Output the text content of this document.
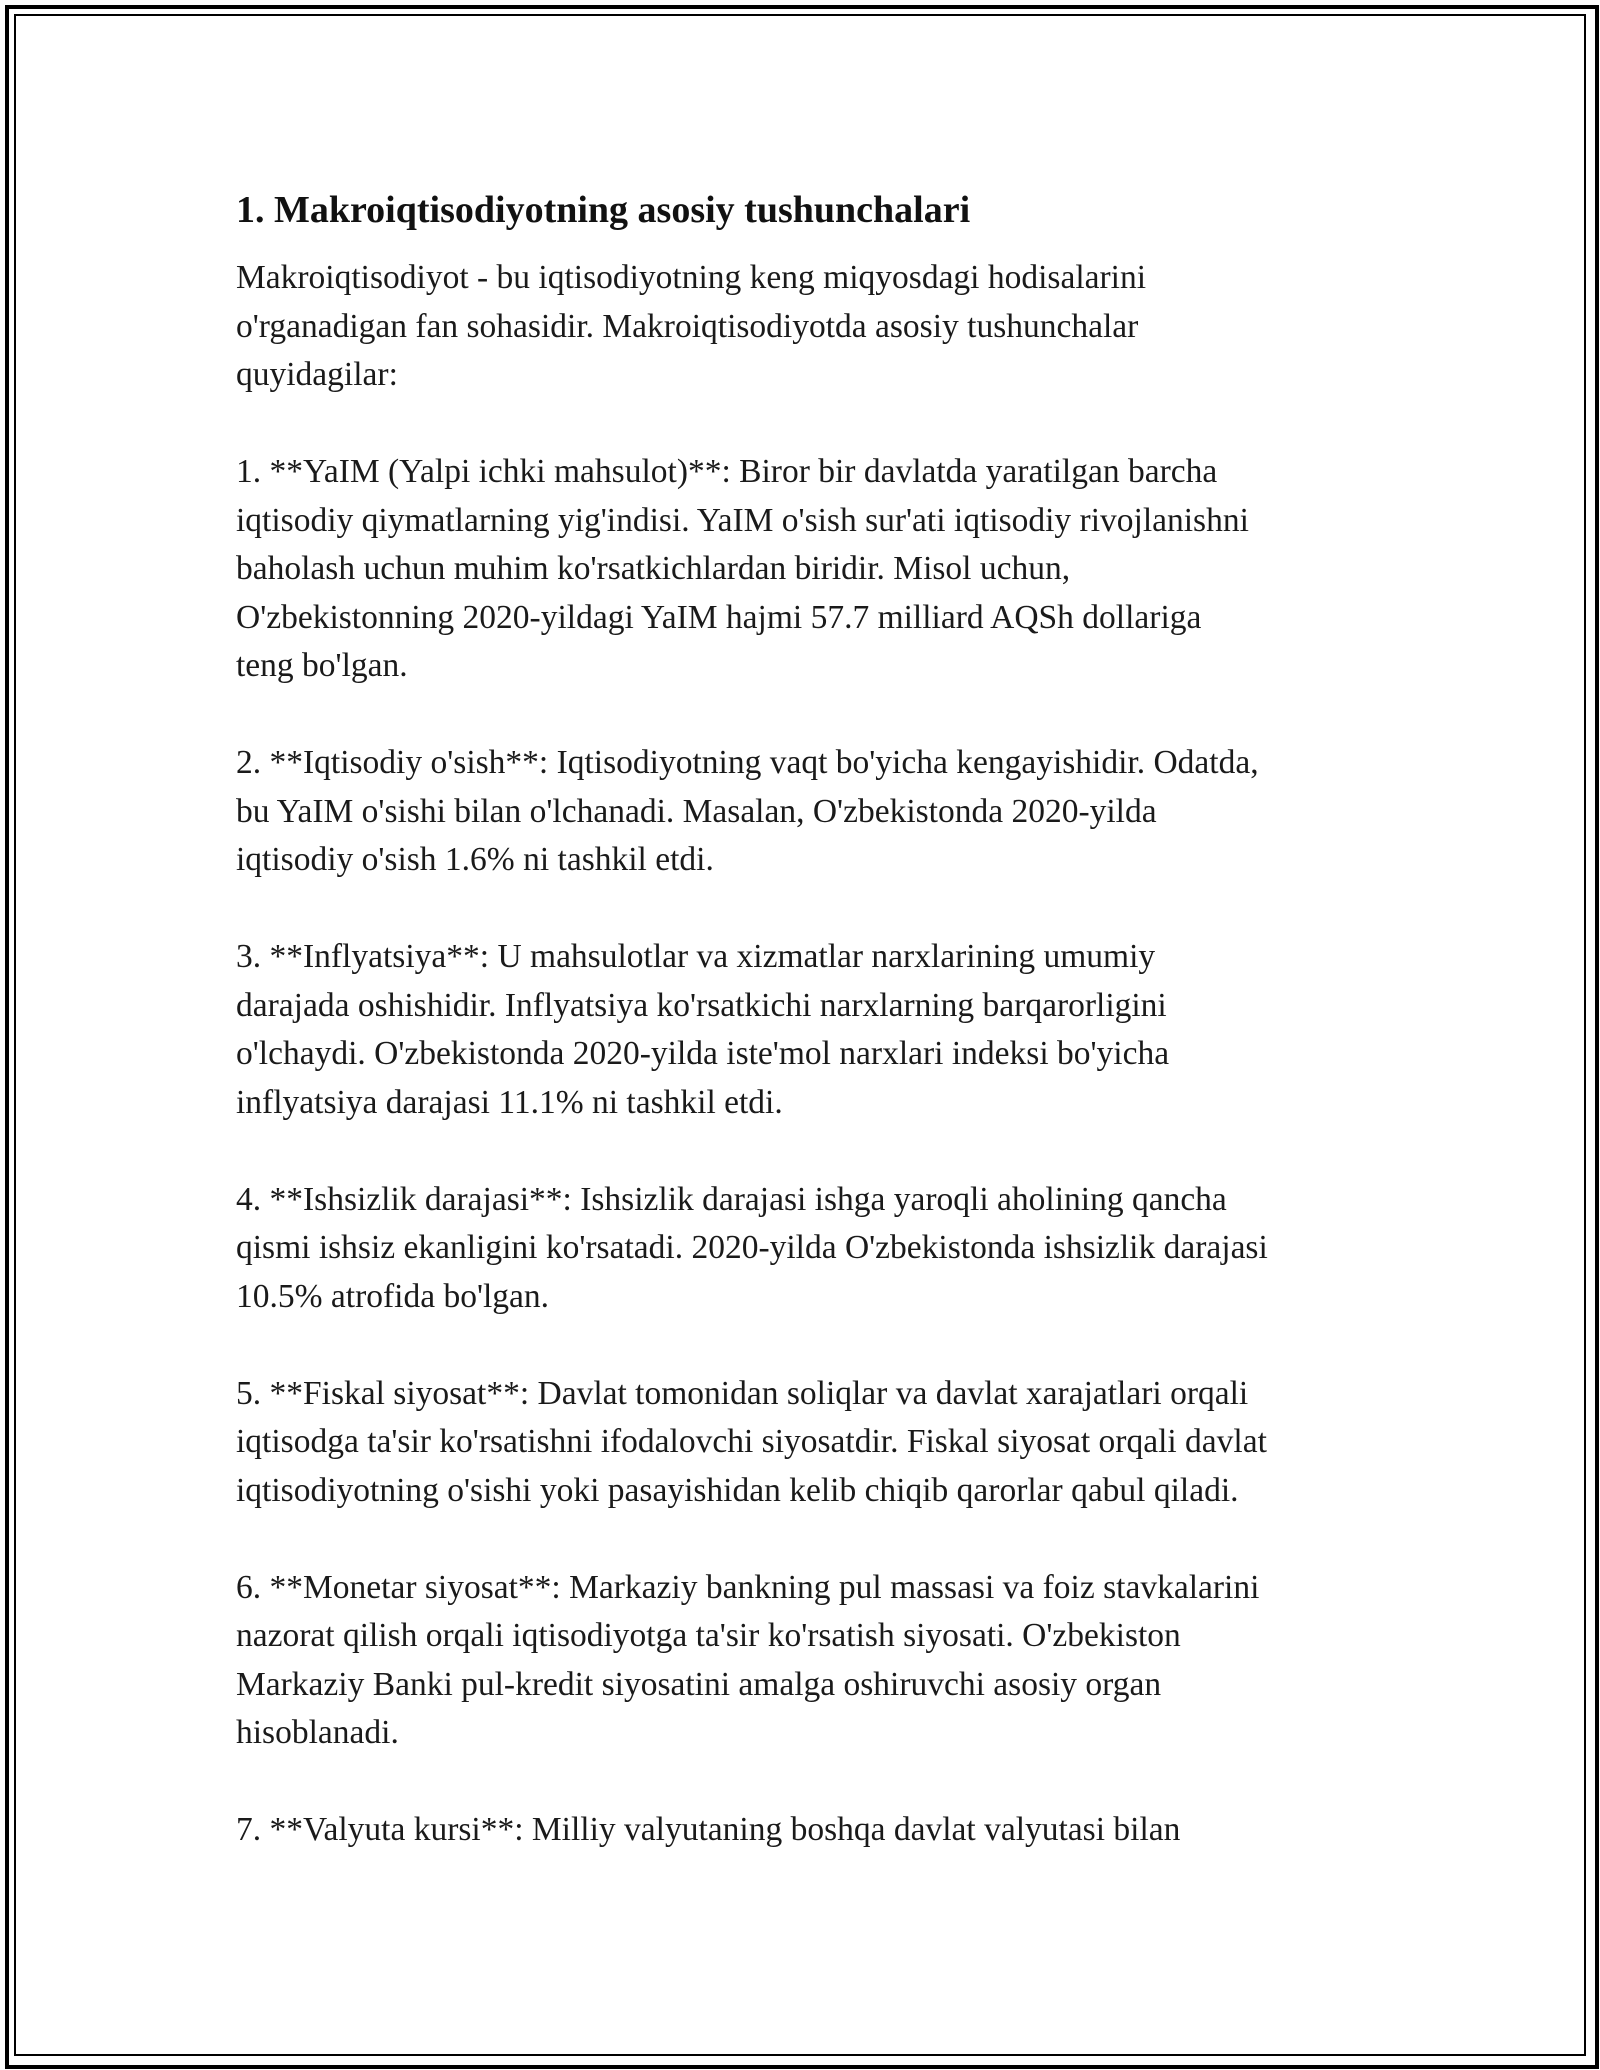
1. Makroiqtisodiyotning asosiy tushunchalari

Makroiqtisodiyot - bu iqtisodiyotning keng miqyosdagi hodisalarini
o'rganadigan fan sohasidir. Makroiqtisodiyotda asosiy tushunchalar
quyidagilar:

1. **YaIM (Yalpi ichki mahsulot)**: Biror bir davlatda yaratilgan barcha
iqtisodiy qiymatlarning yig'indisi. YaIM o'sish sur'ati iqtisodiy rivojlanishni
baholash uchun muhim ko'rsatkichlardan biridir. Misol uchun,
O'zbekistonning 2020-yildagi YaIM hajmi 57.7 milliard AQSh dollariga
teng bo'lgan.

2. **Iqtisodiy o'sish**: Iqtisodiyotning vaqt bo'yicha kengayishidir. Odatda,
bu YaIM o'sishi bilan o'lchanadi. Masalan, O'zbekistonda 2020-yilda
iqtisodiy o'sish 1.6% ni tashkil etdi.

3. **Inflyatsiya**: U mahsulotlar va xizmatlar narxlarining umumiy
darajada oshishidir. Inflyatsiya ko'rsatkichi narxlarning barqarorligini
o'lchaydi. O'zbekistonda 2020-yilda iste'mol narxlari indeksi bo'yicha
inflyatsiya darajasi 11.1% ni tashkil etdi.

4. **Ishsizlik darajasi**: Ishsizlik darajasi ishga yaroqli aholining qancha
qismi ishsiz ekanligini ko'rsatadi. 2020-yilda O'zbekistonda ishsizlik darajasi
10.5% atrofida bo'lgan.

5. **Fiskal siyosat**: Davlat tomonidan soliqlar va davlat xarajatlari orqali
iqtisodga ta'sir ko'rsatishni ifodalovchi siyosatdir. Fiskal siyosat orqali davlat
iqtisodiyotning o'sishi yoki pasayishidan kelib chiqib qarorlar qabul qiladi.

6. **Monetar siyosat**: Markaziy bankning pul massasi va foiz stavkalarini
nazorat qilish orqali iqtisodiyotga ta'sir ko'rsatish siyosati. O'zbekiston
Markaziy Banki pul-kredit siyosatini amalga oshiruvchi asosiy organ
hisoblanadi.

7. **Valyuta kursi**: Milliy valyutaning boshqa davlat valyutasi bilan
